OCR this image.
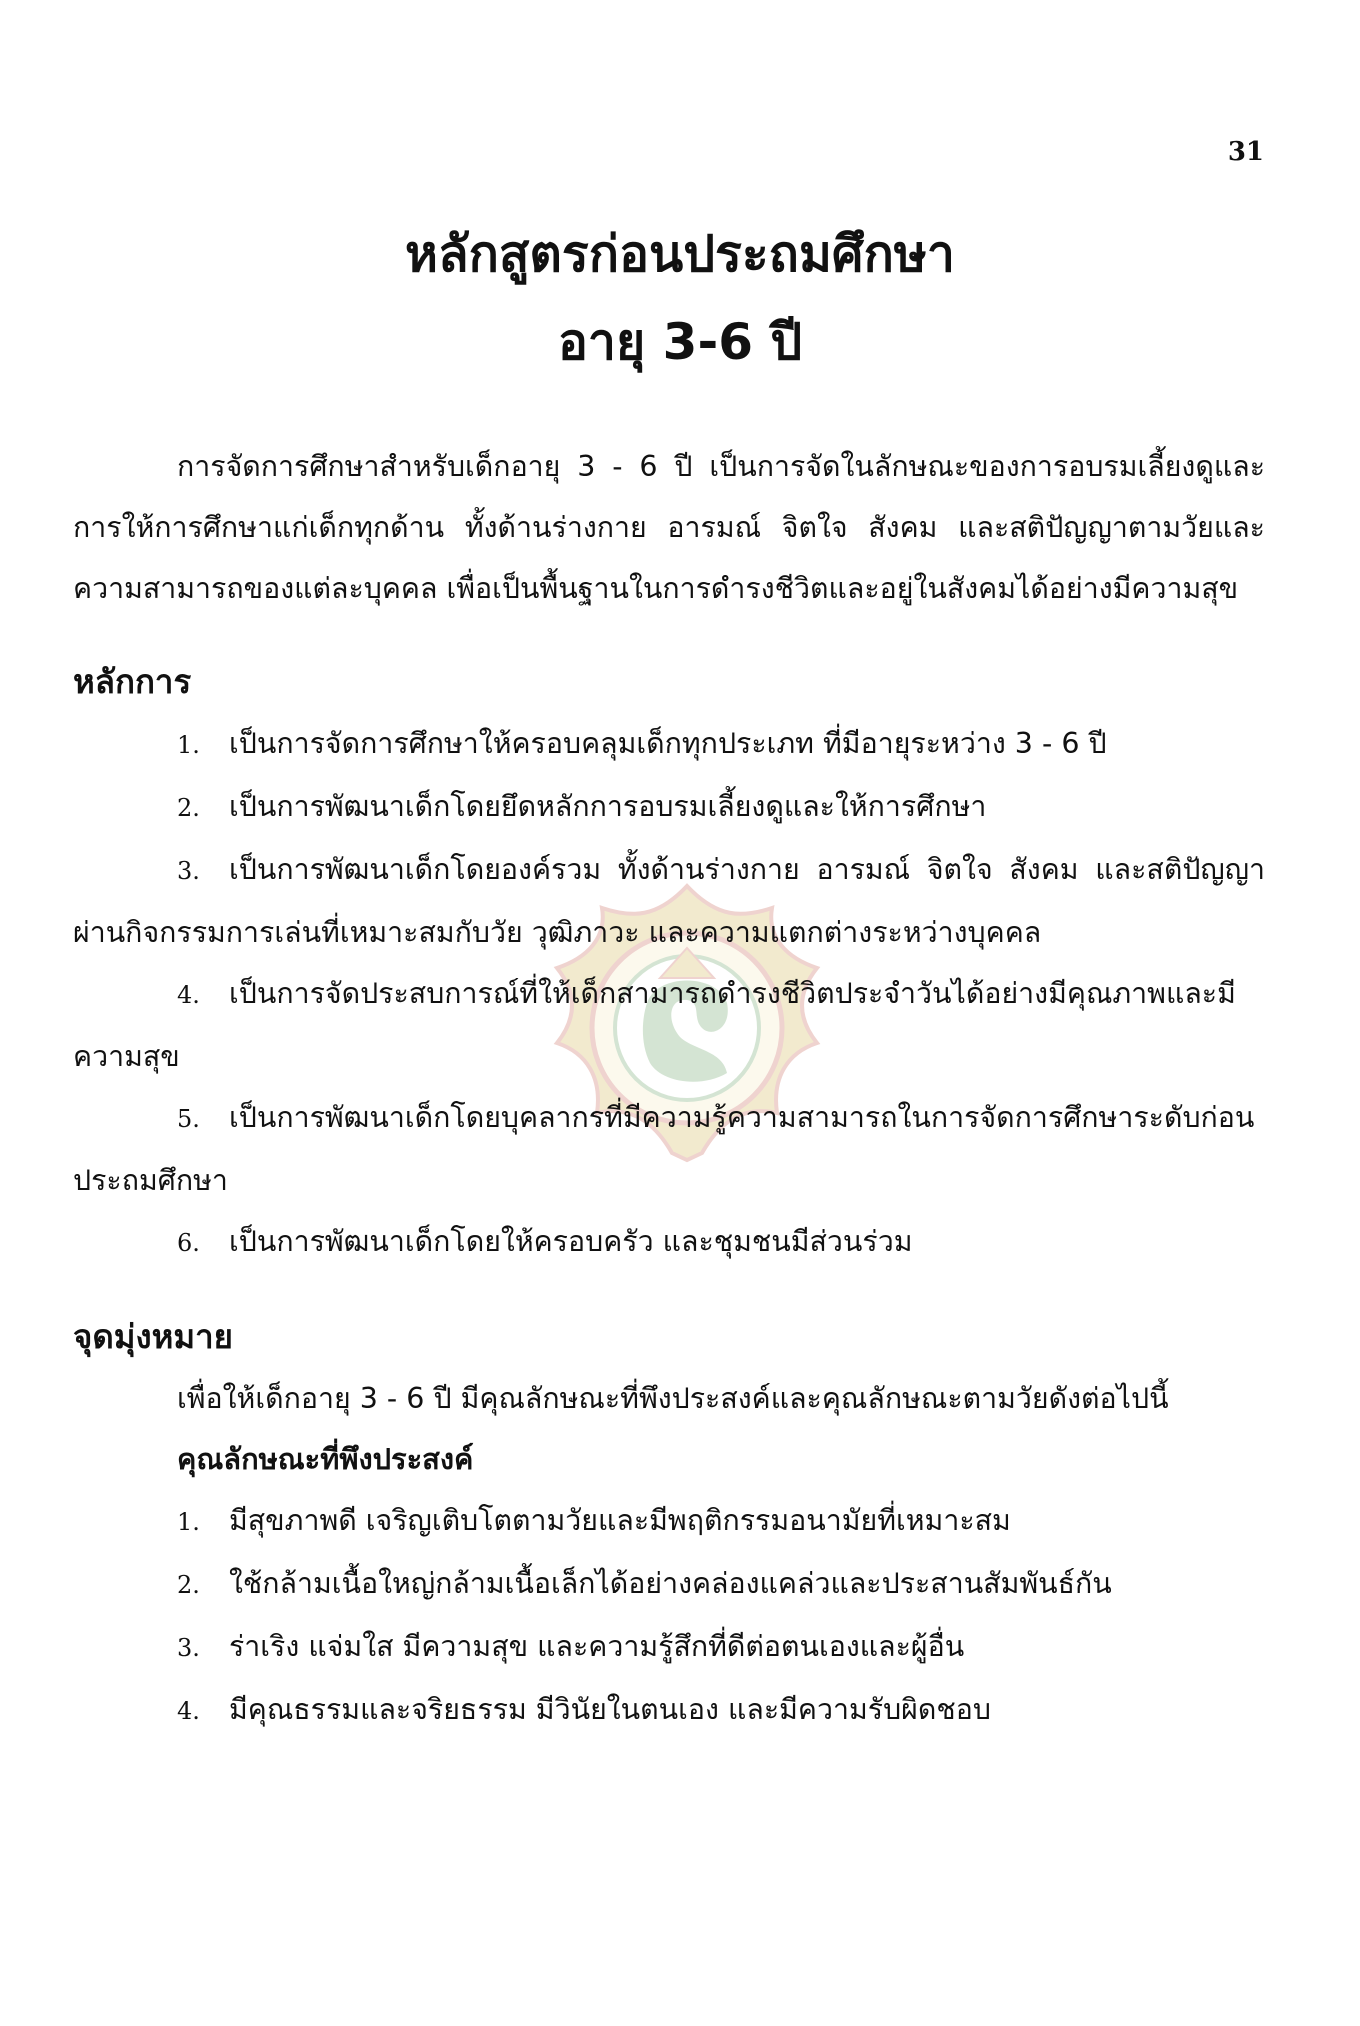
31
หลักสูตรก่อนประถมศึกษา
อายุ 3-6 ปี

การจัดการศึกษาสำหรับเด็กอายุ 3 - 6 ปี เป็นการจัดในลักษณะของการอบรมเลี้ยงดูและการให้การศึกษาแก่เด็กทุกด้าน ทั้งด้านร่างกาย อารมณ์ จิตใจ สังคม และสติปัญญาตามวัยและความสามารถของแต่ละบุคคล เพื่อเป็นพื้นฐานในการดำรงชีวิตและอยู่ในสังคมได้อย่างมีความสุข

หลักการ

1. เป็นการจัดการศึกษาให้ครอบคลุมเด็กทุกประเภท ที่มีอายุระหว่าง 3 - 6 ปี

2. เป็นการพัฒนาเด็กโดยยึดหลักการอบรมเลี้ยงดูและให้การศึกษา

3. เป็นการพัฒนาเด็กโดยองค์รวม ทั้งด้านร่างกาย อารมณ์ จิตใจ สังคม และสติปัญญา ผ่านกิจกรรมการเล่นที่เหมาะสมกับวัย วุฒิภาวะ และความแตกต่างระหว่างบุคคล

4. เป็นการจัดประสบการณ์ที่ให้เด็กสามารถดำรงชีวิตประจำวันได้อย่างมีคุณภาพและมีความสุข

5. เป็นการพัฒนาเด็กโดยบุคลากรที่มีความรู้ความสามารถในการจัดการศึกษาระดับก่อนประถมศึกษา

6. เป็นการพัฒนาเด็กโดยให้ครอบครัว และชุมชนมีส่วนร่วม

จุดมุ่งหมาย

เพื่อให้เด็กอายุ 3 - 6 ปี มีคุณลักษณะที่พึงประสงค์และคุณลักษณะตามวัยดังต่อไปนี้

คุณลักษณะที่พึงประสงค์

1. มีสุขภาพดี เจริญเติบโตตามวัยและมีพฤติกรรมอนามัยที่เหมาะสม

2. ใช้กล้ามเนื้อใหญ่กล้ามเนื้อเล็กได้อย่างคล่องแคล่วและประสานสัมพันธ์กัน

3. ร่าเริง แจ่มใส มีความสุข และความรู้สึกที่ดีต่อตนเองและผู้อื่น

4. มีคุณธรรมและจริยธรรม มีวินัยในตนเอง และมีความรับผิดชอบ
